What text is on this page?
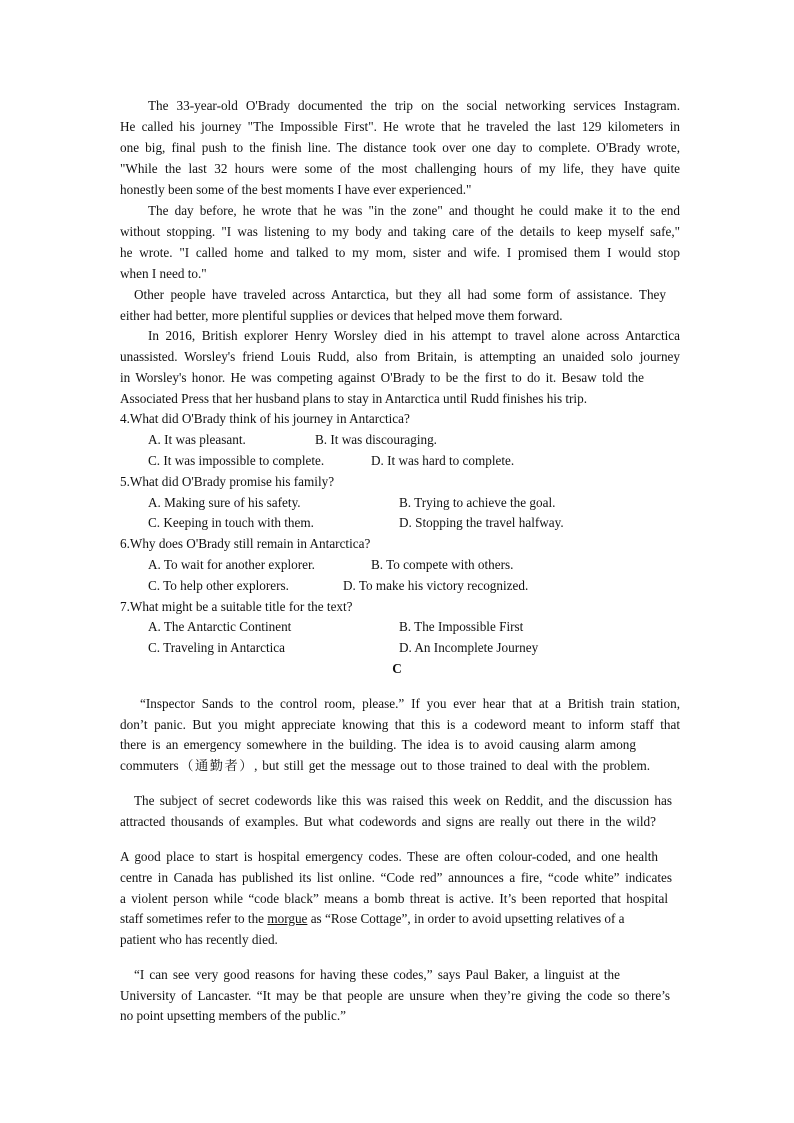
The 33-year-old O'Brady documented the trip on the social networking services Instagram.
He called his journey "The Impossible First". He wrote that he traveled the last 129 kilometers in
one big, final push to the finish line. The distance took over one day to complete. O'Brady wrote,
"While the last 32 hours were some of the most challenging hours of my life, they have quite
honestly been some of the best moments I have ever experienced."
The day before, he wrote that he was "in the zone" and thought he could make it to the end
without stopping. "I was listening to my body and taking care of the details to keep myself safe,"
he wrote. "I called home and talked to my mom, sister and wife. I promised them I would stop
when I need to."
Other people have traveled across Antarctica, but they all had some form of assistance. They
either had better, more plentiful supplies or devices that helped move them forward.
In 2016, British explorer Henry Worsley died in his attempt to travel alone across Antarctica
unassisted. Worsley's friend Louis Rudd, also from Britain, is attempting an unaided solo journey
in Worsley's honor. He was competing against O'Brady to be the first to do it. Besaw told the
Associated Press that her husband plans to stay in Antarctica until Rudd finishes his trip.
4.What did O'Brady think of his journey in Antarctica?
A. It was pleasant.	B. It was discouraging.
C. It was impossible to complete.	D. It was hard to complete.
5.What did O'Brady promise his family?
A. Making sure of his safety.	B. Trying to achieve the goal.
C. Keeping in touch with them.	D. Stopping the travel halfway.
6.Why does O'Brady still remain in Antarctica?
A. To wait for another explorer.	B. To compete with others.
C. To help other explorers.	D. To make his victory recognized.
7.What might be a suitable title for the text?
A. The Antarctic Continent	B. The Impossible First
C. Traveling in Antarctica	D. An Incomplete Journey
C
“Inspector Sands to the control room, please.” If you ever hear that at a British train station,
don’t panic. But you might appreciate knowing that this is a codeword meant to inform staff that
there is an emergency somewhere in the building. The idea is to avoid causing alarm among
commuters（通勤者）, but still get the message out to those trained to deal with the problem.
The subject of secret codewords like this was raised this week on Reddit, and the discussion has
attracted thousands of examples. But what codewords and signs are really out there in the wild?
A good place to start is hospital emergency codes. These are often colour-coded, and one health
centre in Canada has published its list online. “Code red” announces a fire, “code white” indicates
a violent person while “code black” means a bomb threat is active. It’s been reported that hospital
staff sometimes refer to the morgue as “Rose Cottage”, in order to avoid upsetting relatives of a
patient who has recently died.
“I can see very good reasons for having these codes,” says Paul Baker, a linguist at the
University of Lancaster. “It may be that people are unsure when they’re giving the code so there’s
no point upsetting members of the public.”
